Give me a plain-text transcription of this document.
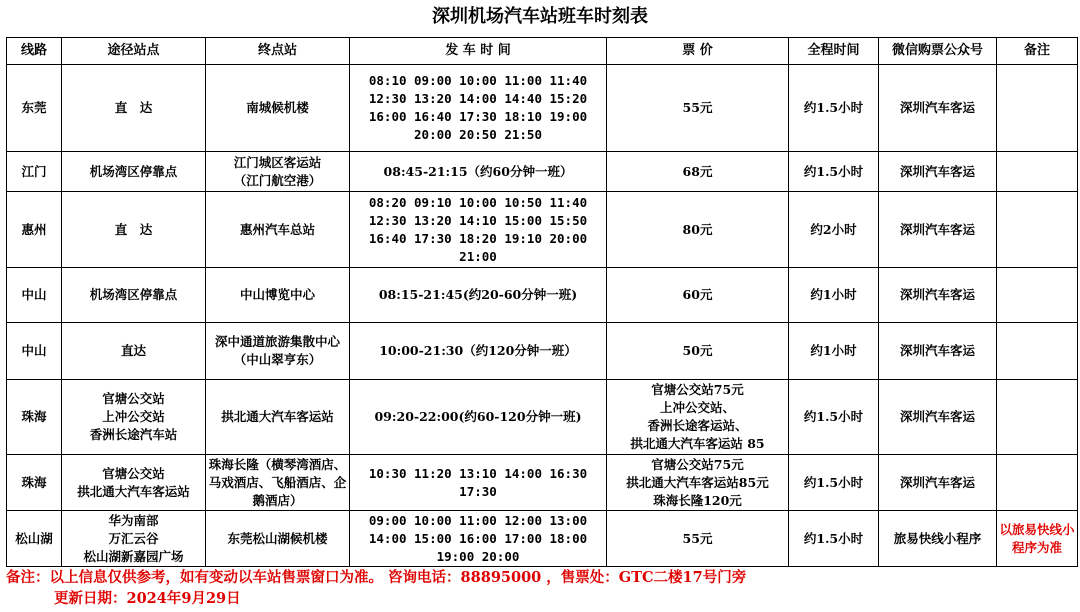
深圳机场汽车站班车时刻表
线路	途径站点	终点站	发 车 时 间	票 价	全程时间	微信购票公众号	备注
东莞	直　达	南城候机楼	08:10 09:00 10:00 11:00 11:40
12:30 13:20 14:00 14:40 15:20
16:00 16:40 17:30 18:10 19:00
20:00 20:50 21:50	55元	约1.5小时	深圳汽车客运	
江门	机场湾区停靠点	江门城区客运站
（江门航空港）	08:45-21:15（约60分钟一班）	68元	约1.5小时	深圳汽车客运	
惠州	直　达	惠州汽车总站	08:20 09:10 10:00 10:50 11:40
12:30 13:20 14:10 15:00 15:50
16:40 17:30 18:20 19:10 20:00
21:00	80元	约2小时	深圳汽车客运	
中山	机场湾区停靠点	中山博览中心	08:15-21:45(约20-60分钟一班)	60元	约1小时	深圳汽车客运	
中山	直达	深中通道旅游集散中心
（中山翠亨东）	10:00-21:30（约120分钟一班）	50元	约1小时	深圳汽车客运	
珠海	官塘公交站
上冲公交站
香洲长途汽车站	拱北通大汽车客运站	09:20-22:00(约60-120分钟一班)	官塘公交站75元
上冲公交站、
香洲长途客运站、
拱北通大汽车客运站 85	约1.5小时	深圳汽车客运	
珠海	官塘公交站
拱北通大汽车客运站	珠海长隆（横琴湾酒店、马戏酒店、飞船酒店、企鹅酒店）	10:30 11:20 13:10 14:00 16:30
17:30	官塘公交站75元
拱北通大汽车客运站85元
珠海长隆120元	约1.5小时	深圳汽车客运	
松山湖	华为南部
万汇云谷
松山湖新嘉园广场	东莞松山湖候机楼	09:00 10:00 11:00 12:00 13:00
14:00 15:00 16:00 17:00 18:00
19:00 20:00	55元	约1.5小时	旅易快线小程序	以旅易快线小程序为准
备注：以上信息仅供参考，如有变动以车站售票窗口为准。 咨询电话：88895000 ，售票处：GTC二楼17号门旁
更新日期：2024年9月29日
